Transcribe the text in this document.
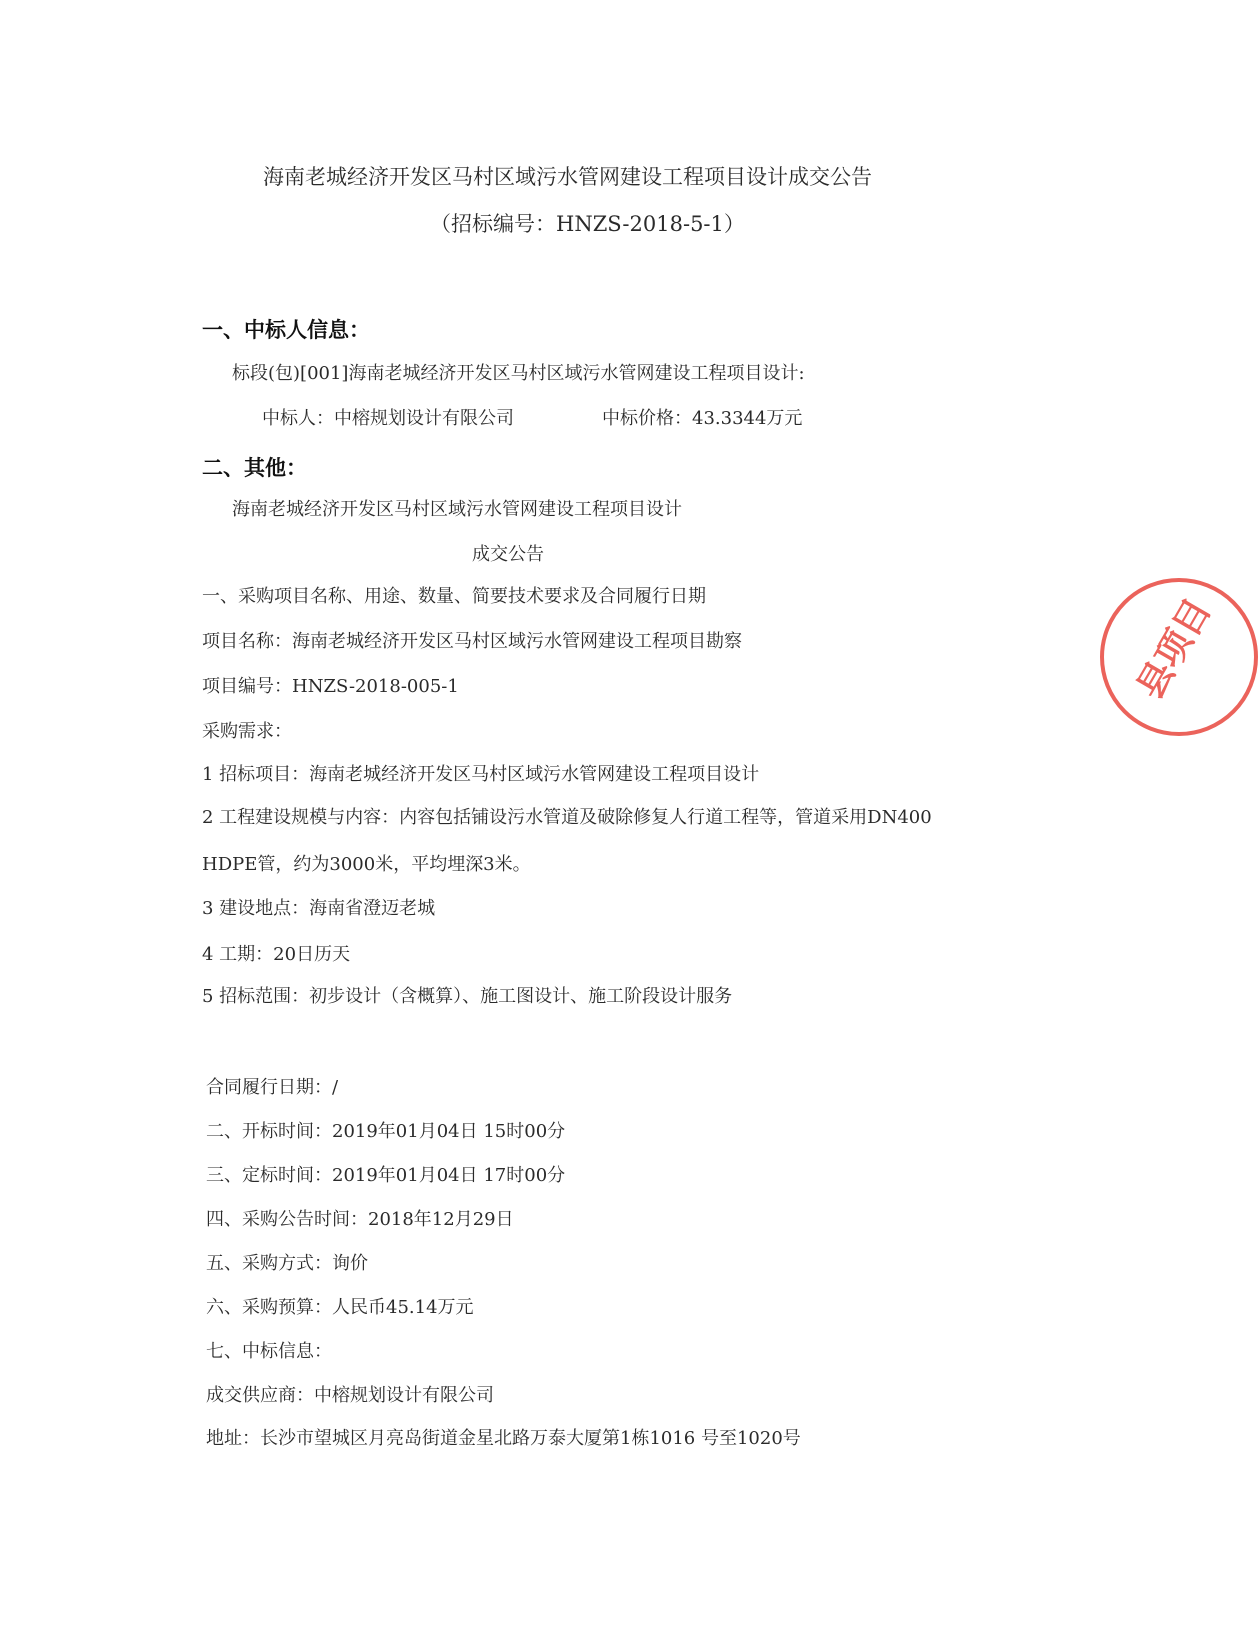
海南老城经济开发区马村区域污水管网建设工程项目设计成交公告
（招标编号：HNZS-2018-5-1）
一、中标人信息：
标段(包)[001]海南老城经济开发区马村区域污水管网建设工程项目设计:
中标人：中榕规划设计有限公司	中标价格：43.3344万元
二、其他：
海南老城经济开发区马村区域污水管网建设工程项目设计
成交公告
一、采购项目名称、用途、数量、简要技术要求及合同履行日期
项目名称：海南老城经济开发区马村区域污水管网建设工程项目勘察
项目编号：HNZS-2018-005-1
采购需求：
1 招标项目：海南老城经济开发区马村区域污水管网建设工程项目设计
2 工程建设规模与内容：内容包括铺设污水管道及破除修复人行道工程等，管道采用DN400
HDPE管，约为3000米，平均埋深3米。
3 建设地点：海南省澄迈老城
4 工期：20日历天
5 招标范围：初步设计（含概算）、施工图设计、施工阶段设计服务
合同履行日期：/
二、开标时间：2019年01月04日 15时00分
三、定标时间：2019年01月04日 17时00分
四、采购公告时间：2018年12月29日
五、采购方式：询价
六、采购预算：人民币45.14万元
七、中标信息：
成交供应商：中榕规划设计有限公司
地址：长沙市望城区月亮岛街道金星北路万泰大厦第1栋1016 号至1020号
县项目
